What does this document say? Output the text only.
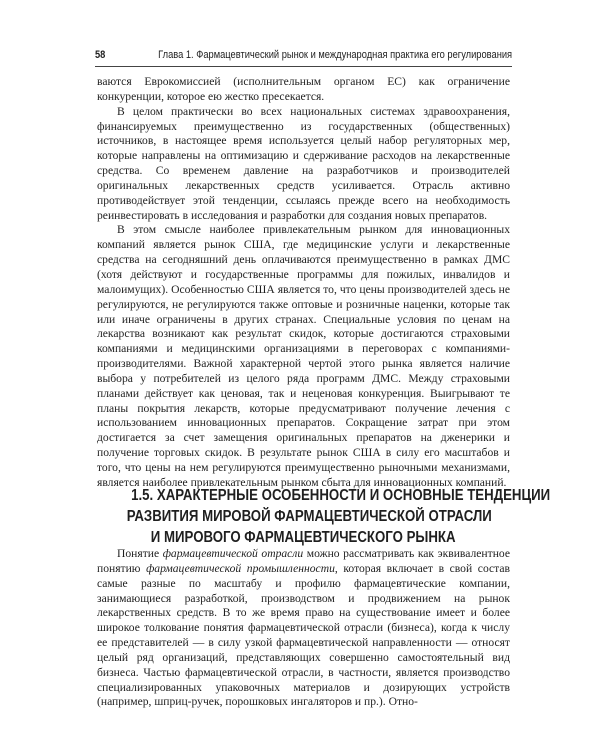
58	Глава 1. Фармацевтический рынок и международная практика его регулирования

ваются Еврокомиссией (исполнительным органом ЕС) как ограничение конкуренции, которое ею жестко пресекается.

В целом практически во всех национальных системах здравоохранения, финансируемых преимущественно из государственных (общественных) источников, в настоящее время используется целый набор регуляторных мер, которые направлены на оптимизацию и сдерживание расходов на лекарственные средства. Со временем давление на разработчиков и производителей оригинальных лекарственных средств усиливается. Отрасль активно противодействует этой тенденции, ссылаясь прежде всего на необходимость реинвестировать в исследования и разработки для создания новых препаратов.

В этом смысле наиболее привлекательным рынком для инновационных компаний является рынок США, где медицинские услуги и лекарственные средства на сегодняшний день оплачиваются преимущественно в рамках ДМС (хотя действуют и государственные программы для пожилых, инвалидов и малоимущих). Особенностью США является то, что цены производителей здесь не регулируются, не регулируются также оптовые и розничные наценки, которые так или иначе ограничены в других странах. Специальные условия по ценам на лекарства возникают как результат скидок, которые достигаются страховыми компаниями и медицинскими организациями в переговорах с компаниями-производителями. Важной характерной чертой этого рынка является наличие выбора у потребителей из целого ряда программ ДМС. Между страховыми планами действует как ценовая, так и неценовая конкуренция. Выигрывают те планы покрытия лекарств, которые предусматривают получение лечения с использованием инновационных препаратов. Сокращение затрат при этом достигается за счет замещения оригинальных препаратов на дженерики и получение торговых скидок. В результате рынок США в силу его масштабов и того, что цены на нем регулируются преимущественно рыночными механизмами, является наиболее привлекательным рынком сбыта для инновационных компаний.

1.5. ХАРАКТЕРНЫЕ ОСОБЕННОСТИ И ОСНОВНЫЕ ТЕНДЕНЦИИ
РАЗВИТИЯ МИРОВОЙ ФАРМАЦЕВТИЧЕСКОЙ ОТРАСЛИ
И МИРОВОГО ФАРМАЦЕВТИЧЕСКОГО РЫНКА

Понятие фармацевтической отрасли можно рассматривать как эквивалентное понятию фармацевтической промышленности, которая включает в свой состав самые разные по масштабу и профилю фармацевтические компании, занимающиеся разработкой, производством и продвижением на рынок лекарственных средств. В то же время право на существование имеет и более широкое толкование понятия фармацевтической отрасли (бизнеса), когда к числу ее представителей — в силу узкой фармацевтической направленности — относят целый ряд организаций, представляющих совершенно самостоятельный вид бизнеса. Частью фармацевтической отрасли, в частности, является производство специализированных упаковочных материалов и дозирующих устройств (например, шприц-ручек, порошковых ингаляторов и пр.). Отно-
